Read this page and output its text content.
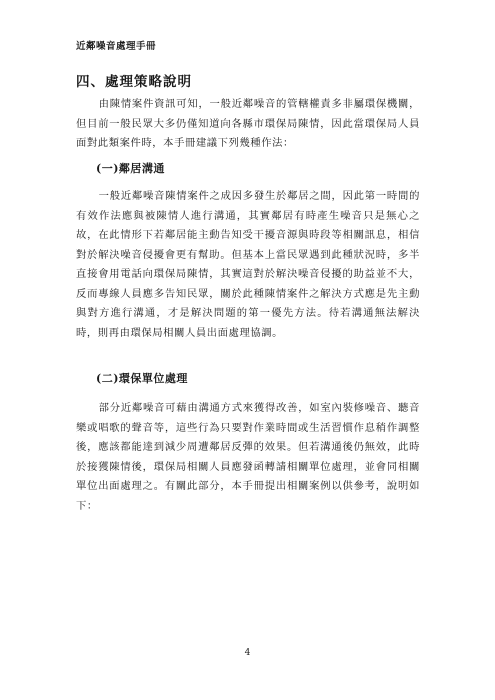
近鄰噪音處理手冊
四、處理策略說明

由陳情案件資訊可知，一般近鄰噪音的管轄權責多非屬環保機關，但目前一般民眾大多仍僅知道向各縣市環保局陳情，因此當環保局人員面對此類案件時，本手冊建議下列幾種作法：

(一)鄰居溝通

一般近鄰噪音陳情案件之成因多發生於鄰居之間，因此第一時間的有效作法應與被陳情人進行溝通，其實鄰居有時產生噪音只是無心之故，在此情形下若鄰居能主動告知受干擾音源與時段等相關訊息，相信對於解決噪音侵擾會更有幫助。但基本上當民眾遇到此種狀況時，多半直接會用電話向環保局陳情，其實這對於解決噪音侵擾的助益並不大，反而專線人員應多告知民眾，關於此種陳情案件之解決方式應是先主動與對方進行溝通，才是解決問題的第一優先方法。待若溝通無法解決時，則再由環保局相關人員出面處理協調。

(二)環保單位處理

部分近鄰噪音可藉由溝通方式來獲得改善，如室內裝修噪音、聽音樂或唱歌的聲音等，這些行為只要對作業時間或生活習慣作息稍作調整後，應該都能達到減少周遭鄰居反彈的效果。但若溝通後仍無效，此時於接獲陳情後，環保局相關人員應發函轉請相關單位處理，並會同相關單位出面處理之。有關此部分，本手冊提出相關案例以供參考，說明如下：

4
